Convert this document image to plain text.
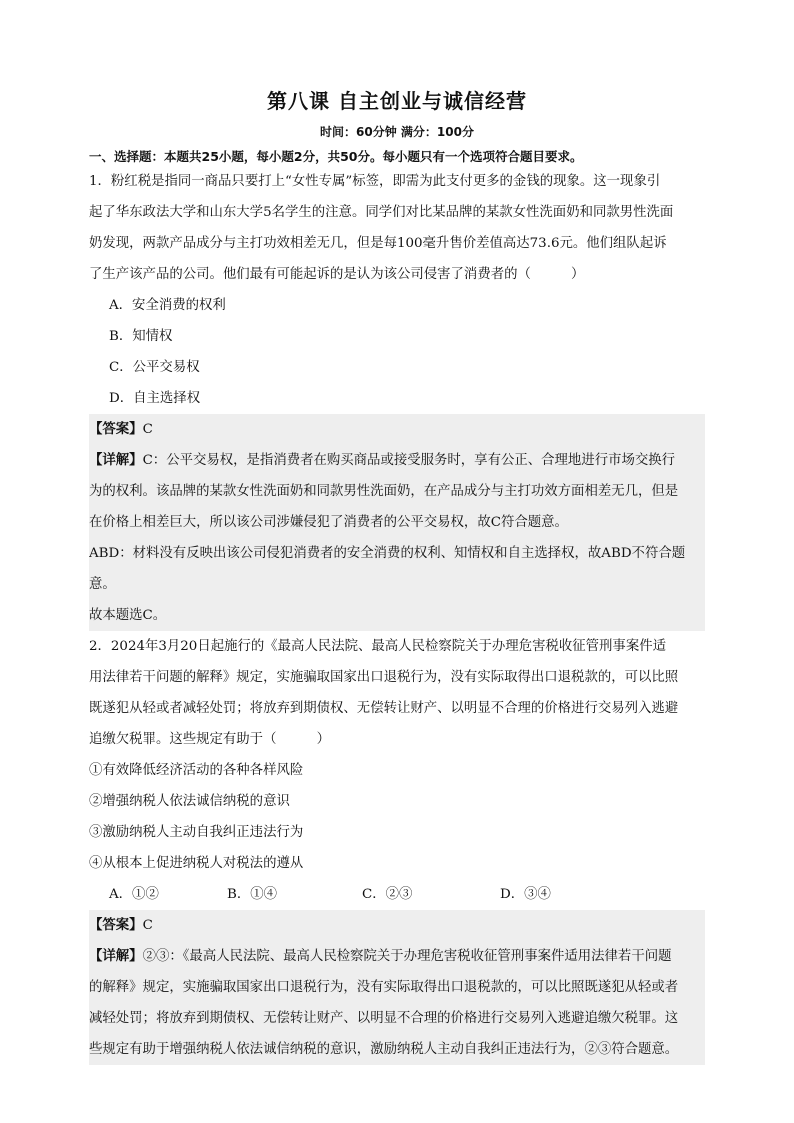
第八课 自主创业与诚信经营
时间：60分钟 满分：100分
一、选择题：本题共25小题，每小题2分，共50分。每小题只有一个选项符合题目要求。
1．粉红税是指同一商品只要打上“女性专属”标签，即需为此支付更多的金钱的现象。这一现象引
起了华东政法大学和山东大学5名学生的注意。同学们对比某品牌的某款女性洗面奶和同款男性洗面
奶发现，两款产品成分与主打功效相差无几，但是每100毫升售价差值高达73.6元。他们组队起诉
了生产该产品的公司。他们最有可能起诉的是认为该公司侵害了消费者的（　　　）
A．安全消费的权利
B．知情权
C．公平交易权
D．自主选择权
【答案】C
【详解】C：公平交易权，是指消费者在购买商品或接受服务时，享有公正、合理地进行市场交换行
为的权利。该品牌的某款女性洗面奶和同款男性洗面奶，在产品成分与主打功效方面相差无几，但是
在价格上相差巨大，所以该公司涉嫌侵犯了消费者的公平交易权，故C符合题意。
ABD：材料没有反映出该公司侵犯消费者的安全消费的权利、知情权和自主选择权，故ABD不符合题
意。
故本题选C。
2．2024年3月20日起施行的《最高人民法院、最高人民检察院关于办理危害税收征管刑事案件适
用法律若干问题的解释》规定，实施骗取国家出口退税行为，没有实际取得出口退税款的，可以比照
既遂犯从轻或者减轻处罚；将放弃到期债权、无偿转让财产、以明显不合理的价格进行交易列入逃避
追缴欠税罪。这些规定有助于（　　　）
①有效降低经济活动的各种各样风险
②增强纳税人依法诚信纳税的意识
③激励纳税人主动自我纠正违法行为
④从根本上促进纳税人对税法的遵从
A．①②	B．①④	C．②③	D．③④
【答案】C
【详解】②③：《最高人民法院、最高人民检察院关于办理危害税收征管刑事案件适用法律若干问题
的解释》规定，实施骗取国家出口退税行为，没有实际取得出口退税款的，可以比照既遂犯从轻或者
减轻处罚；将放弃到期债权、无偿转让财产、以明显不合理的价格进行交易列入逃避追缴欠税罪。这
些规定有助于增强纳税人依法诚信纳税的意识，激励纳税人主动自我纠正违法行为，②③符合题意。
